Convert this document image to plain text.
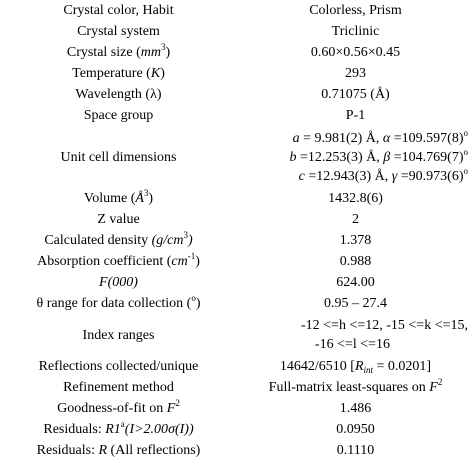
Crystal color, Habit	Colorless, Prism
Crystal system	Triclinic
Crystal size $(mm^3)$	0.60×0.56×0.45
Temperature (K)	293
Wavelength (λ)	0.71075 (Å)
Space group	P-1
Unit cell dimensions	a = 9.981(2) Å, $\alpha =109.597(8)^o$
b =12.253(3) Å, $\beta =104.769(7)^o$
c =12.943(3) Å, $\gamma =90.973(6)^o$

Volume $(Å^3)$	1432.8(6)
Z value	2
Calculated density $(g/cm^3)$	1.378
Absorption coefficient $(cm^{-1})$	0.988
F(000)	624.00
θ range for data collection ($^o$)	0.95 – 27.4
Index ranges	-12 <=h <=12, -15 <=k <=15,
-16 <=l <=16

Reflections collected/unique	14642/6510 $[R_{int} = 0.0201]$
Refinement method	Full-matrix least-squares on $F^2$
Goodness-of-fit on $F^2$	1.486
Residuals: $R1^a(I>2.00\sigma(I))$	0.0950
Residuals: R (All reflections)	0.1110
